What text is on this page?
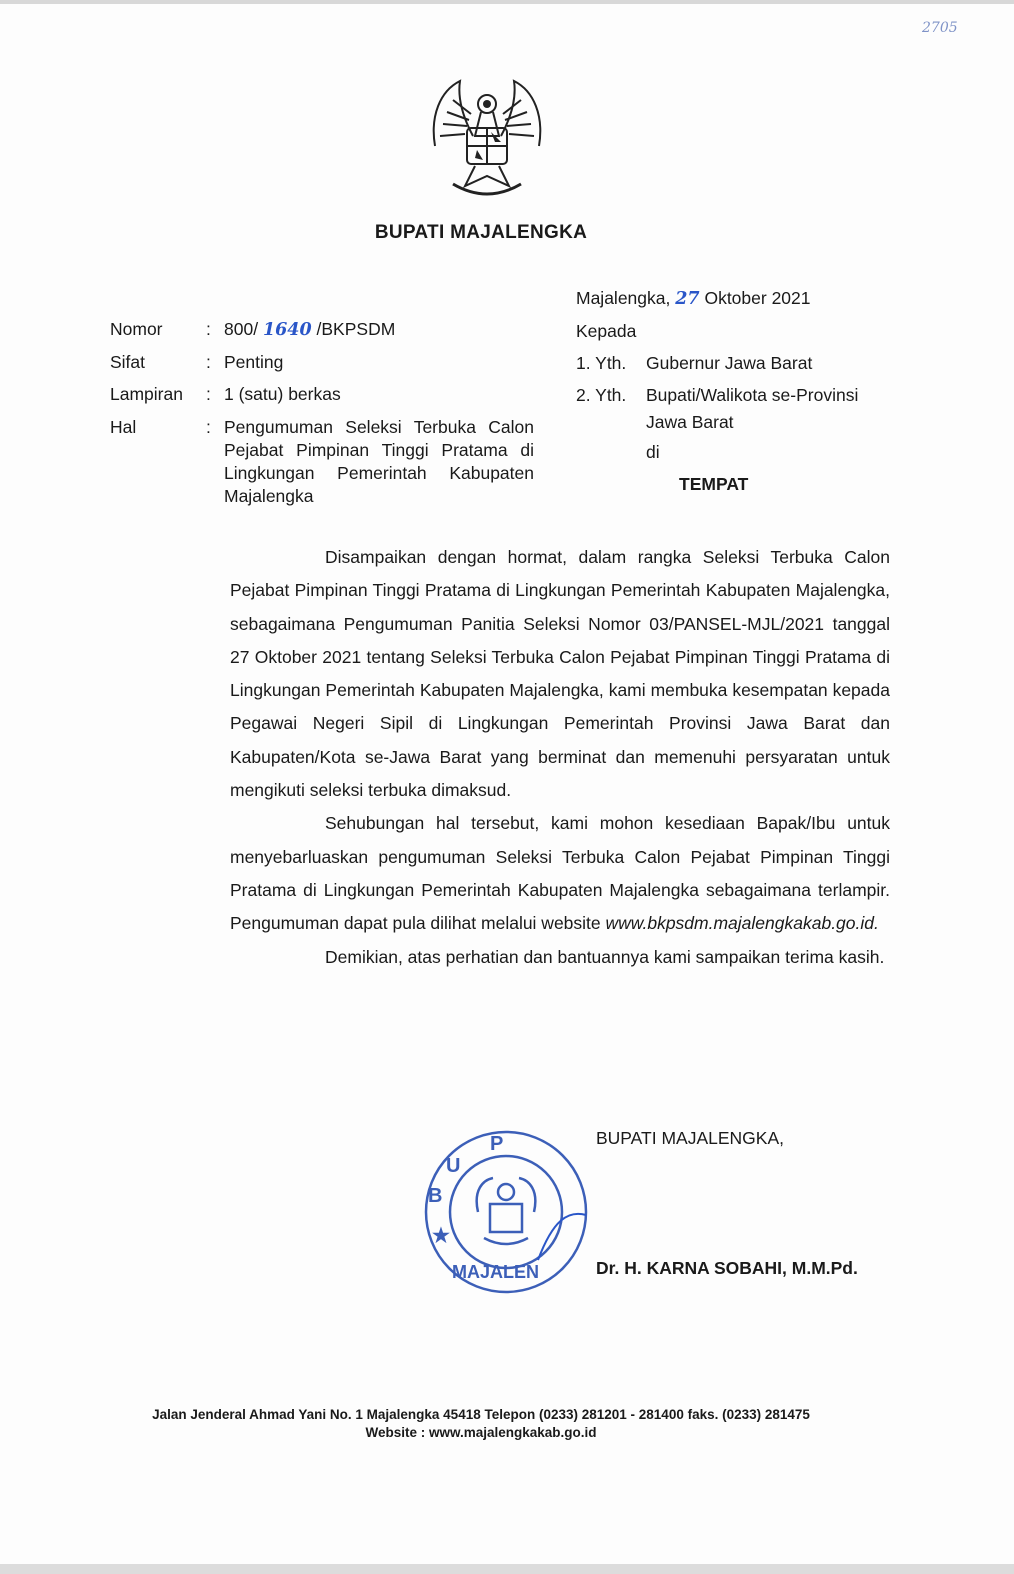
2705
BUPATI MAJALENGKA
Nomor	: 800/ 1640 /BKPSDM
Sifat	: Penting
Lampiran	: 1 (satu) berkas
Hal	: Pengumuman Seleksi Terbuka Calon Pejabat Pimpinan Tinggi Pratama di Lingkungan Pemerintah Kabupaten Majalengka
Majalengka, 27 Oktober 2021
Kepada
1. Yth. Gubernur Jawa Barat
2. Yth. Bupati/Walikota se-Provinsi
Jawa Barat
di
TEMPAT

Disampaikan dengan hormat, dalam rangka Seleksi Terbuka Calon Pejabat Pimpinan Tinggi Pratama di Lingkungan Pemerintah Kabupaten Majalengka, sebagaimana Pengumuman Panitia Seleksi Nomor 03/PANSEL-MJL/2021 tanggal 27 Oktober 2021 tentang Seleksi Terbuka Calon Pejabat Pimpinan Tinggi Pratama di Lingkungan Pemerintah Kabupaten Majalengka, kami membuka kesempatan kepada Pegawai Negeri Sipil di Lingkungan Pemerintah Provinsi Jawa Barat dan Kabupaten/Kota se-Jawa Barat yang berminat dan memenuhi persyaratan untuk mengikuti seleksi terbuka dimaksud.

Sehubungan hal tersebut, kami mohon kesediaan Bapak/Ibu untuk menyebarluaskan pengumuman Seleksi Terbuka Calon Pejabat Pimpinan Tinggi Pratama di Lingkungan Pemerintah Kabupaten Majalengka sebagaimana terlampir. Pengumuman dapat pula dilihat melalui website www.bkpsdm.majalengkakab.go.id.

Demikian, atas perhatian dan bantuannya kami sampaikan terima kasih.

P
U
B
★
MAJALEN
BUPATI MAJALENGKA,
Dr. H. KARNA SOBAHI, M.M.Pd.
Jalan Jenderal Ahmad Yani No. 1 Majalengka 45418 Telepon (0233) 281201 - 281400 faks. (0233) 281475
Website : www.majalengkakab.go.id
